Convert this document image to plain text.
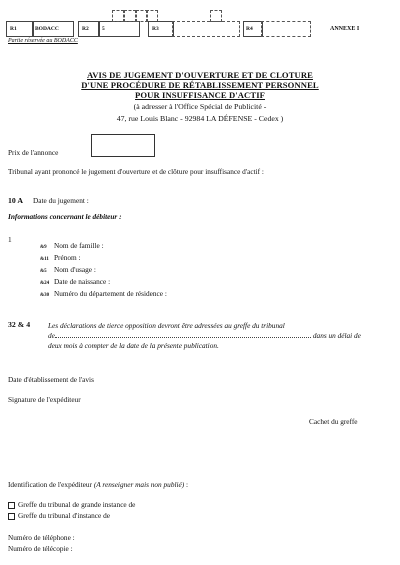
R1	BODACC	R2 5	R3	R4	ANNEXE I
Partie réservée au BODACC
AVIS DE JUGEMENT D'OUVERTURE ET DE CLOTURE
D'UNE PROCÉDURE DE RÉTABLISSEMENT PERSONNEL
POUR INSUFFISANCE D'ACTIF
(à adresser à l'Office Spécial de Publicité -
47, rue Louis Blanc - 92984 LA DÉFENSE - Cedex )
Prix de l'annonce
Tribunal ayant prononcé le jugement d'ouverture et de clôture pour insuffisance d'actif :
10 A Date du jugement :
Informations concernant le débiteur :
1
&9 Nom de famille :
&11 Prénom :
&5 Nom d'usage :
&24 Date de naissance :
&30 Numéro du département de résidence :
32 & 4 Les déclarations de tierce opposition devront être adressées au greffe du tribunal
de	dans un délai de
deux mois à compter de la date de la présente publication.
Date d'établissement de l'avis
Signature de l'expéditeur
Cachet du greffe
Identification de l'expéditeur (A renseigner mais non publié) :
Greffe du tribunal de grande instance de
Greffe du tribunal d'instance de
Numéro de téléphone :
Numéro de télécopie :
